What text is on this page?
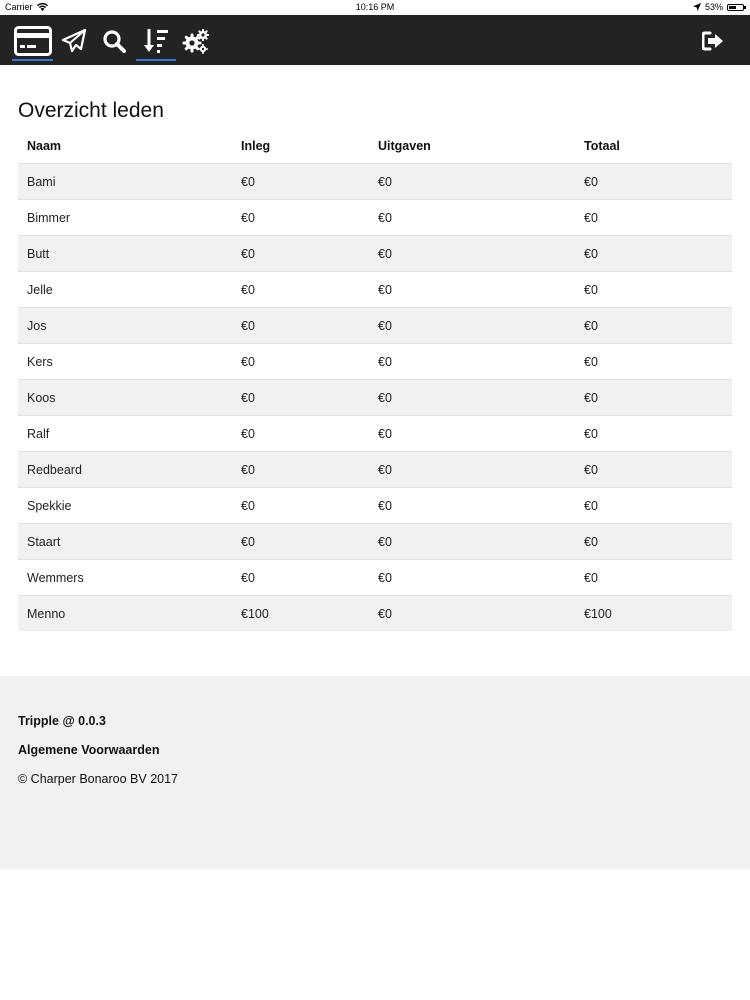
Carrier	10:16 PM	53%
Overzicht leden
Naam	Inleg	Uitgaven	Totaal
Bami	€0	€0	€0
Bimmer	€0	€0	€0
Butt	€0	€0	€0
Jelle	€0	€0	€0
Jos	€0	€0	€0
Kers	€0	€0	€0
Koos	€0	€0	€0
Ralf	€0	€0	€0
Redbeard	€0	€0	€0
Spekkie	€0	€0	€0
Staart	€0	€0	€0
Wemmers	€0	€0	€0
Menno	€100	€0	€100
Tripple @ 0.0.3
Algemene Voorwaarden
© Charper Bonaroo BV 2017
